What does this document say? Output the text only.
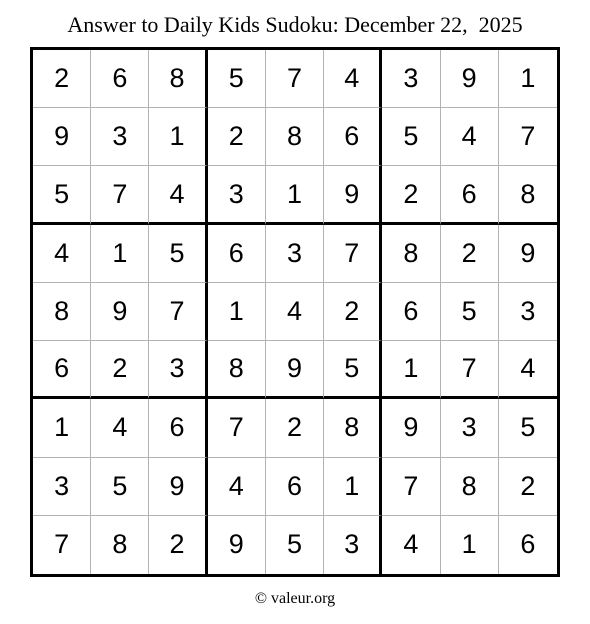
Answer to Daily Kids Sudoku: December 22,  2025
2	6	8	5	7	4	3	9	1
9	3	1	2	8	6	5	4	7
5	7	4	3	1	9	2	6	8
4	1	5	6	3	7	8	2	9
8	9	7	1	4	2	6	5	3
6	2	3	8	9	5	1	7	4
1	4	6	7	2	8	9	3	5
3	5	9	4	6	1	7	8	2
7	8	2	9	5	3	4	1	6
© valeur.org
